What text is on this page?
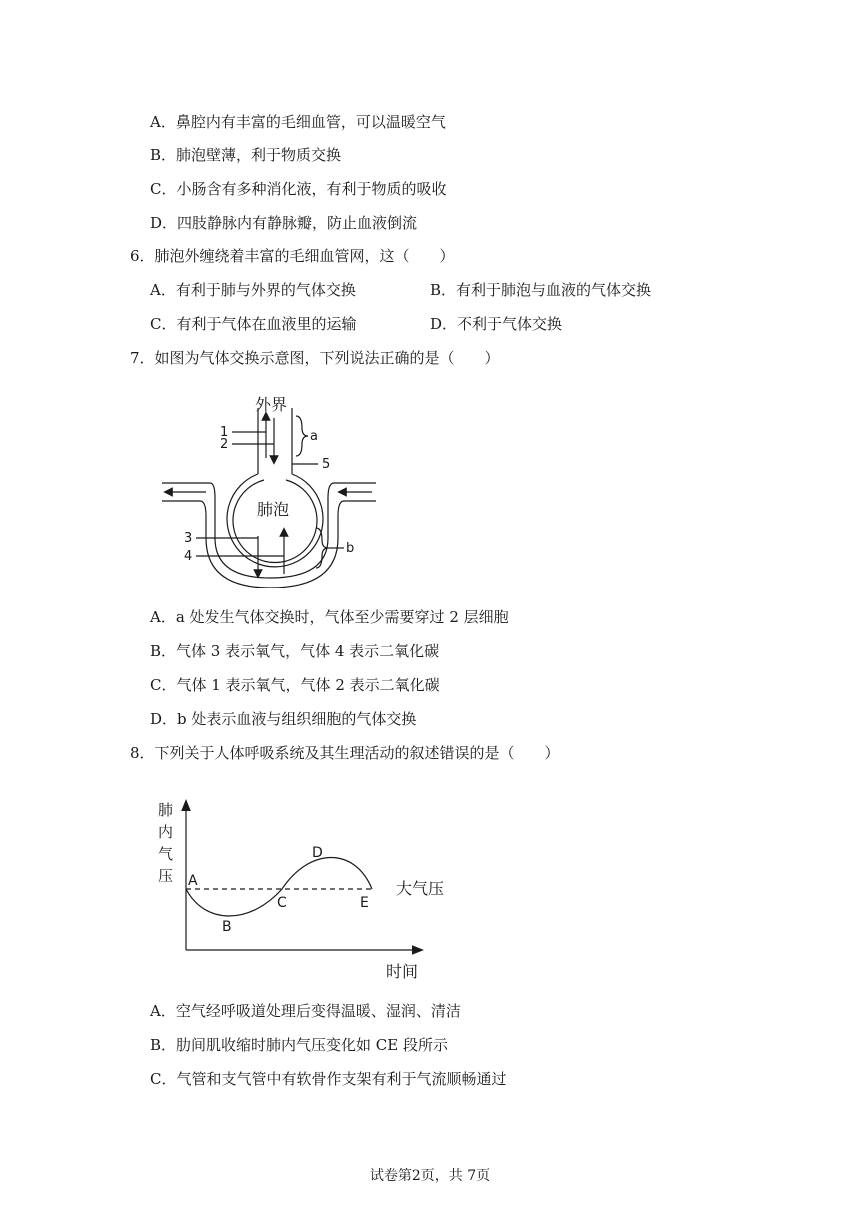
A．鼻腔内有丰富的毛细血管，可以温暖空气
B．肺泡壁薄，利于物质交换
C．小肠含有多种消化液，有利于物质的吸收
D．四肢静脉内有静脉瓣，防止血液倒流
6．肺泡外缠绕着丰富的毛细血管网，这（　　）
A．有利于肺与外界的气体交换	B．有利于肺泡与血液的气体交换
C．有利于气体在血液里的运输	D．不利于气体交换
7．如图为气体交换示意图，下列说法正确的是（　　）
外界
肺泡
1
2
5
a
3
4
b
A．a 处发生气体交换时，气体至少需要穿过 2 层细胞
B．气体 3 表示氧气，气体 4 表示二氧化碳
C．气体 1 表示氧气，气体 2 表示二氧化碳
D．b 处表示血液与组织细胞的气体交换
8．下列关于人体呼吸系统及其生理活动的叙述错误的是（　　）
肺
内
气
压 A
B
C
D
E
大气压
时间
A．空气经呼吸道处理后变得温暖、湿润、清洁
B．肋间肌收缩时肺内气压变化如 CE 段所示
C．气管和支气管中有软骨作支架有利于气流顺畅通过
试卷第2页，共 7页
